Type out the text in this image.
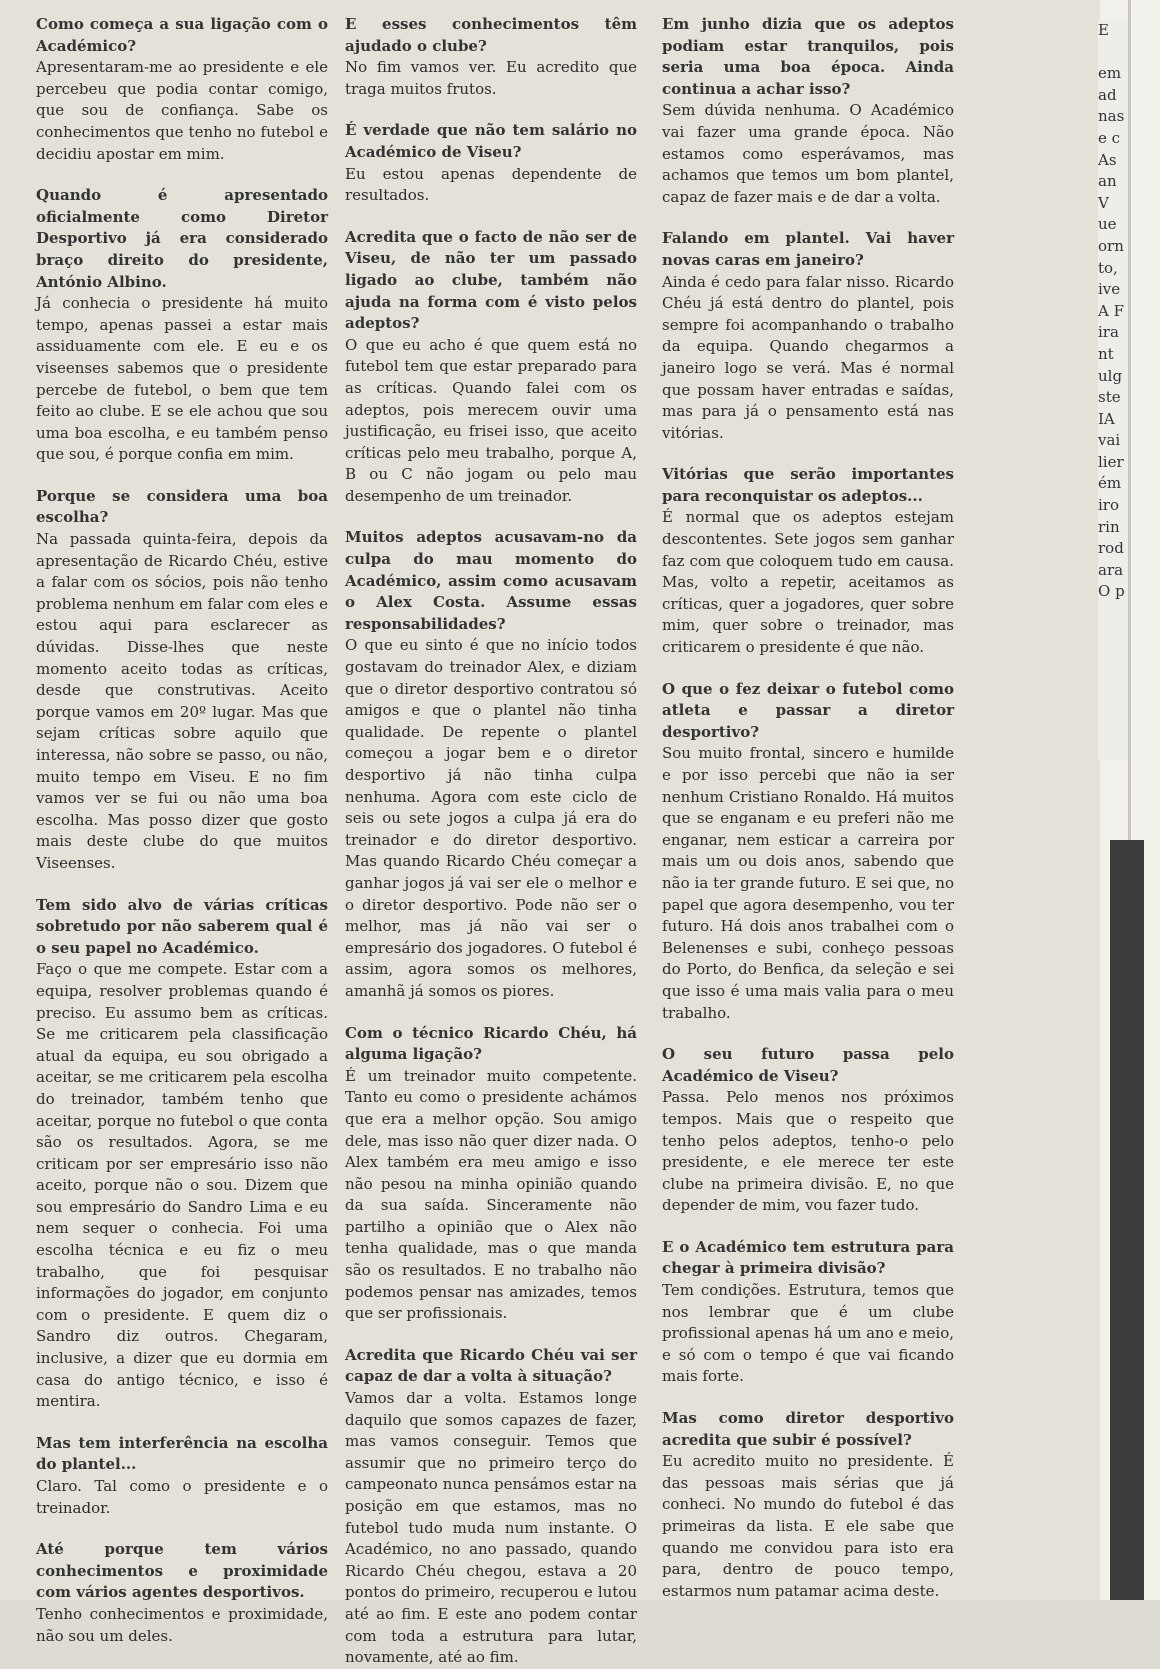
Como começa a sua ligação com o Académico?

Apresentaram-me ao presidente e ele percebeu que podia contar comigo, que sou de confiança. Sabe os conhecimentos que tenho no futebol e decidiu apostar em mim.

Quando é apresentado oficialmente como Diretor Desportivo já era considerado braço direito do presidente, António Albino.

Já conhecia o presidente há muito tempo, apenas passei a estar mais assiduamente com ele. E eu e os viseenses sabemos que o presidente percebe de futebol, o bem que tem feito ao clube. E se ele achou que sou uma boa escolha, e eu também penso que sou, é porque confia em mim.

Porque se considera uma boa escolha?

Na passada quinta-feira, depois da apresentação de Ricardo Chéu, estive a falar com os sócios, pois não tenho problema nenhum em falar com eles e estou aqui para esclarecer as dúvidas. Disse-lhes que neste momento aceito todas as críticas, desde que construtivas. Aceito porque vamos em 20º lugar. Mas que sejam críticas sobre aquilo que interessa, não sobre se passo, ou não, muito tempo em Viseu. E no fim vamos ver se fui ou não uma boa escolha. Mas posso dizer que gosto mais deste clube do que muitos Viseenses.

Tem sido alvo de várias críticas sobretudo por não saberem qual é o seu papel no Académico.

Faço o que me compete. Estar com a equipa, resolver problemas quando é preciso. Eu assumo bem as críticas. Se me criticarem pela classificação atual da equipa, eu sou obrigado a aceitar, se me criticarem pela escolha do treinador, também tenho que aceitar, porque no futebol o que conta são os resultados. Agora, se me criticam por ser empresário isso não aceito, porque não o sou. Dizem que sou empresário do Sandro Lima e eu nem sequer o conhecia. Foi uma escolha técnica e eu fiz o meu trabalho, que foi pesquisar informações do jogador, em conjunto com o presidente. E quem diz o Sandro diz outros. Chegaram, inclusive, a dizer que eu dormia em casa do antigo técnico, e isso é mentira.

Mas tem interferência na escolha do plantel...

Claro. Tal como o presidente e o treinador.

Até porque tem vários conhecimentos e proximidade com vários agentes desportivos.

Tenho conhecimentos e proximidade, não sou um deles.

E esses conhecimentos têm ajudado o clube?

No fim vamos ver. Eu acredito que traga muitos frutos.

É verdade que não tem salário no Académico de Viseu?

Eu estou apenas dependente de resultados.

Acredita que o facto de não ser de Viseu, de não ter um passado ligado ao clube, também não ajuda na forma com é visto pelos adeptos?

O que eu acho é que quem está no futebol tem que estar preparado para as críticas. Quando falei com os adeptos, pois merecem ouvir uma justificação, eu frisei isso, que aceito críticas pelo meu trabalho, porque A, B ou C não jogam ou pelo mau desempenho de um treinador.

Muitos adeptos acusavam-no da culpa do mau momento do Académico, assim como acusavam o Alex Costa. Assume essas responsabilidades?

O que eu sinto é que no início todos gostavam do treinador Alex, e diziam que o diretor desportivo contratou só amigos e que o plantel não tinha qualidade. De repente o plantel começou a jogar bem e o diretor desportivo já não tinha culpa nenhuma. Agora com este ciclo de seis ou sete jogos a culpa já era do treinador e do diretor desportivo. Mas quando Ricardo Chéu começar a ganhar jogos já vai ser ele o melhor e o diretor desportivo. Pode não ser o melhor, mas já não vai ser o empresário dos jogadores. O futebol é assim, agora somos os melhores, amanhã já somos os piores.

Com o técnico Ricardo Chéu, há alguma ligação?

É um treinador muito competente. Tanto eu como o presidente achámos que era a melhor opção. Sou amigo dele, mas isso não quer dizer nada. O Alex também era meu amigo e isso não pesou na minha opinião quando da sua saída. Sinceramente não partilho a opinião que o Alex não tenha qualidade, mas o que manda são os resultados. E no trabalho não podemos pensar nas amizades, temos que ser profissionais.

Acredita que Ricardo Chéu vai ser capaz de dar a volta à situação?

Vamos dar a volta. Estamos longe daquilo que somos capazes de fazer, mas vamos conseguir. Temos que assumir que no primeiro terço do campeonato nunca pensámos estar na posição em que estamos, mas no futebol tudo muda num instante. O Académico, no ano passado, quando Ricardo Chéu chegou, estava a 20 pontos do primeiro, recuperou e lutou até ao fim. E este ano podem contar com toda a estrutura para lutar, novamente, até ao fim.

Em junho dizia que os adeptos podiam estar tranquilos, pois seria uma boa época. Ainda continua a achar isso?

Sem dúvida nenhuma. O Académico vai fazer uma grande época. Não estamos como esperávamos, mas achamos que temos um bom plantel, capaz de fazer mais e de dar a volta.

Falando em plantel. Vai haver novas caras em janeiro?

Ainda é cedo para falar nisso. Ricardo Chéu já está dentro do plantel, pois sempre foi acompanhando o trabalho da equipa. Quando chegarmos a janeiro logo se verá. Mas é normal que possam haver entradas e saídas, mas para já o pensamento está nas vitórias.

Vitórias que serão importantes para reconquistar os adeptos...

É normal que os adeptos estejam descontentes. Sete jogos sem ganhar faz com que coloquem tudo em causa. Mas, volto a repetir, aceitamos as críticas, quer a jogadores, quer sobre mim, quer sobre o treinador, mas criticarem o presidente é que não.

O que o fez deixar o futebol como atleta e passar a diretor desportivo?

Sou muito frontal, sincero e humilde e por isso percebi que não ia ser nenhum Cristiano Ronaldo. Há muitos que se enganam e eu preferi não me enganar, nem esticar a carreira por mais um ou dois anos, sabendo que não ia ter grande futuro. E sei que, no papel que agora desempenho, vou ter futuro. Há dois anos trabalhei com o Belenenses e subi, conheço pessoas do Porto, do Benfica, da seleção e sei que isso é uma mais valia para o meu trabalho.

O seu futuro passa pelo Académico de Viseu?

Passa. Pelo menos nos próximos tempos. Mais que o respeito que tenho pelos adeptos, tenho-o pelo presidente, e ele merece ter este clube na primeira divisão. E, no que depender de mim, vou fazer tudo.

E o Académico tem estrutura para chegar à primeira divisão?

Tem condições. Estrutura, temos que nos lembrar que é um clube profissional apenas há um ano e meio, e só com o tempo é que vai ficando mais forte.

Mas como diretor desportivo acredita que subir é possível?

Eu acredito muito no presidente. É das pessoas mais sérias que já conheci. No mundo do futebol é das primeiras da lista. E ele sabe que quando me convidou para isto era para, dentro de pouco tempo, estarmos num patamar acima deste.

E

em
ad
nas
e c
As
an
V
ue
orn
to,
ive
A F
ira
nt
ulg
ste
IA
vai
lier
ém
iro
rin
rod
ara
O p
